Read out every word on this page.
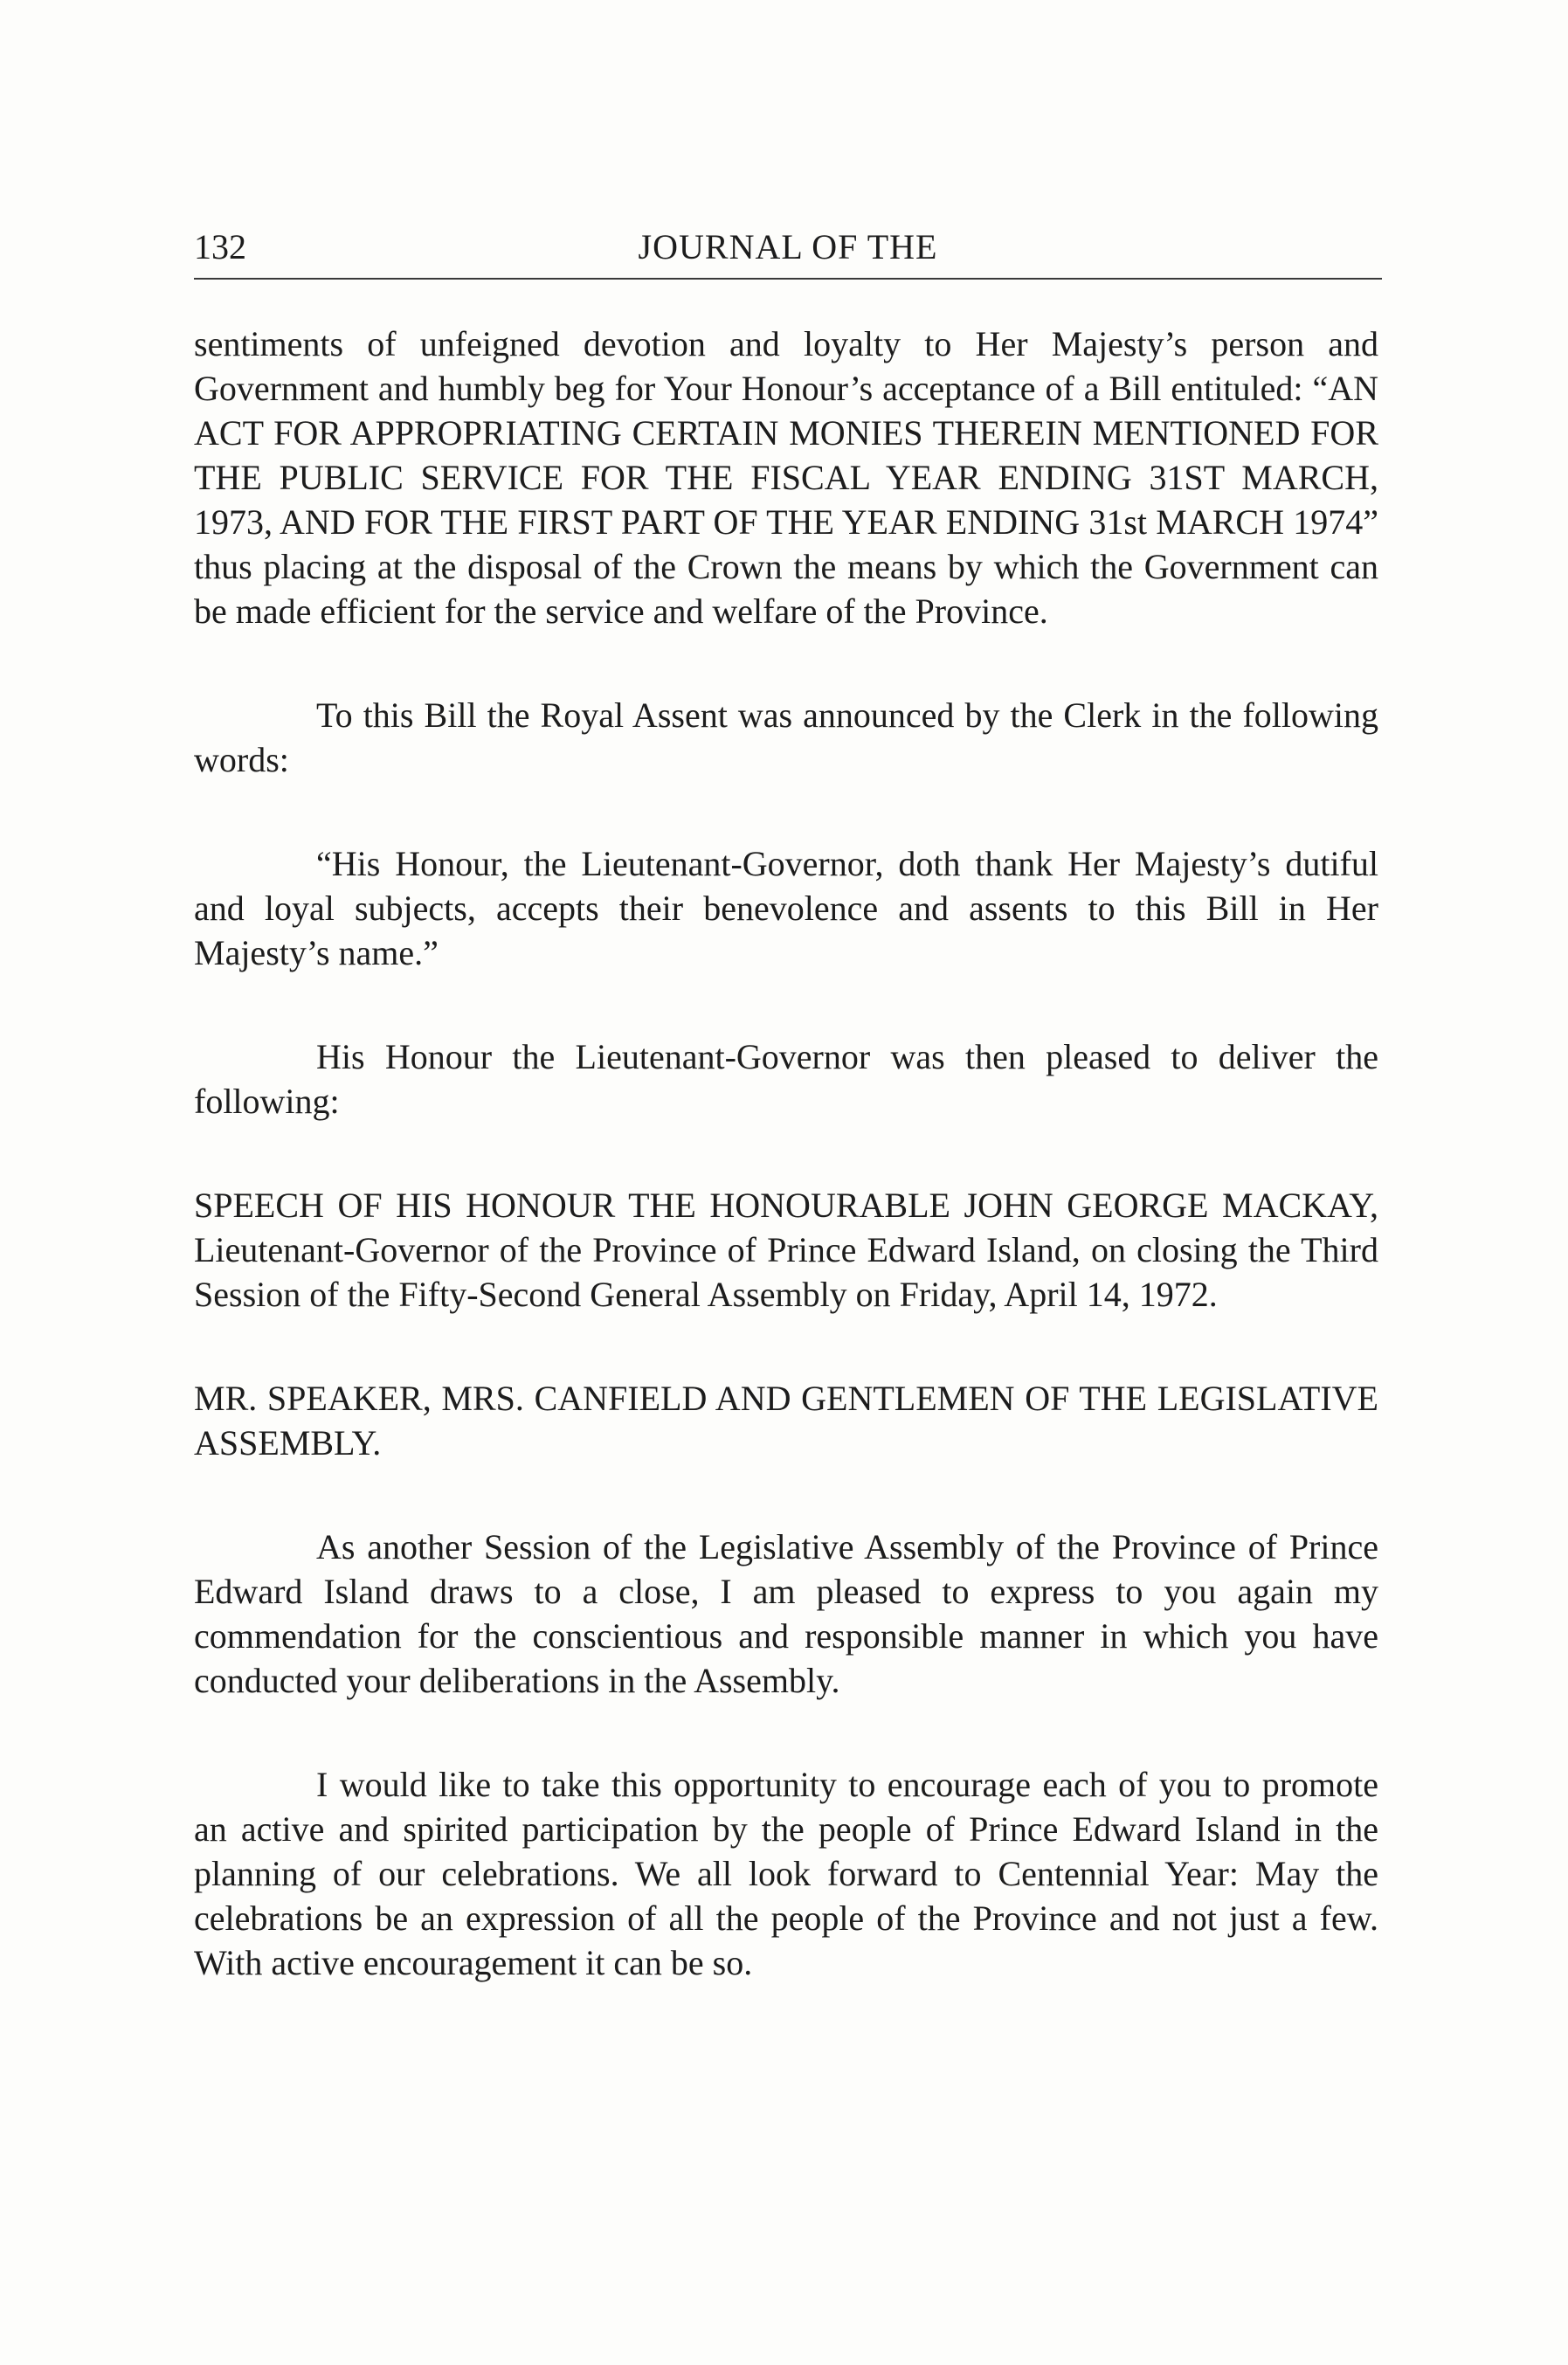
132	JOURNAL OF THE

sentiments of unfeigned devotion and loyalty to Her Majesty’s person and Government and humbly beg for Your Honour’s acceptance of a Bill entituled: “AN ACT FOR APPROPRIATING CERTAIN MONIES THEREIN MENTIONED FOR THE PUBLIC SERVICE FOR THE FISCAL YEAR ENDING 31ST MARCH, 1973, AND FOR THE FIRST PART OF THE YEAR ENDING 31st MARCH 1974” thus placing at the disposal of the Crown the means by which the Government can be made efficient for the service and welfare of the Province.

To this Bill the Royal Assent was announced by the Clerk in the following words:

“His Honour, the Lieutenant-Governor, doth thank Her Majesty’s dutiful and loyal subjects, accepts their benevolence and assents to this Bill in Her Majesty’s name.”

His Honour the Lieutenant-Governor was then pleased to deliver the following:

SPEECH OF HIS HONOUR THE HONOURABLE JOHN GEORGE MACKAY, Lieutenant-Governor of the Province of Prince Edward Island, on closing the Third Session of the Fifty-Second General Assembly on Friday, April 14, 1972.

MR. SPEAKER, MRS. CANFIELD AND GENTLEMEN OF THE LEGISLATIVE ASSEMBLY.

As another Session of the Legislative Assembly of the Province of Prince Edward Island draws to a close, I am pleased to express to you again my commendation for the conscientious and responsible manner in which you have conducted your deliberations in the Assembly.

I would like to take this opportunity to encourage each of you to promote an active and spirited participation by the people of Prince Edward Island in the planning of our celebrations. We all look forward to Centennial Year: May the celebrations be an expression of all the people of the Province and not just a few. With active encouragement it can be so.
